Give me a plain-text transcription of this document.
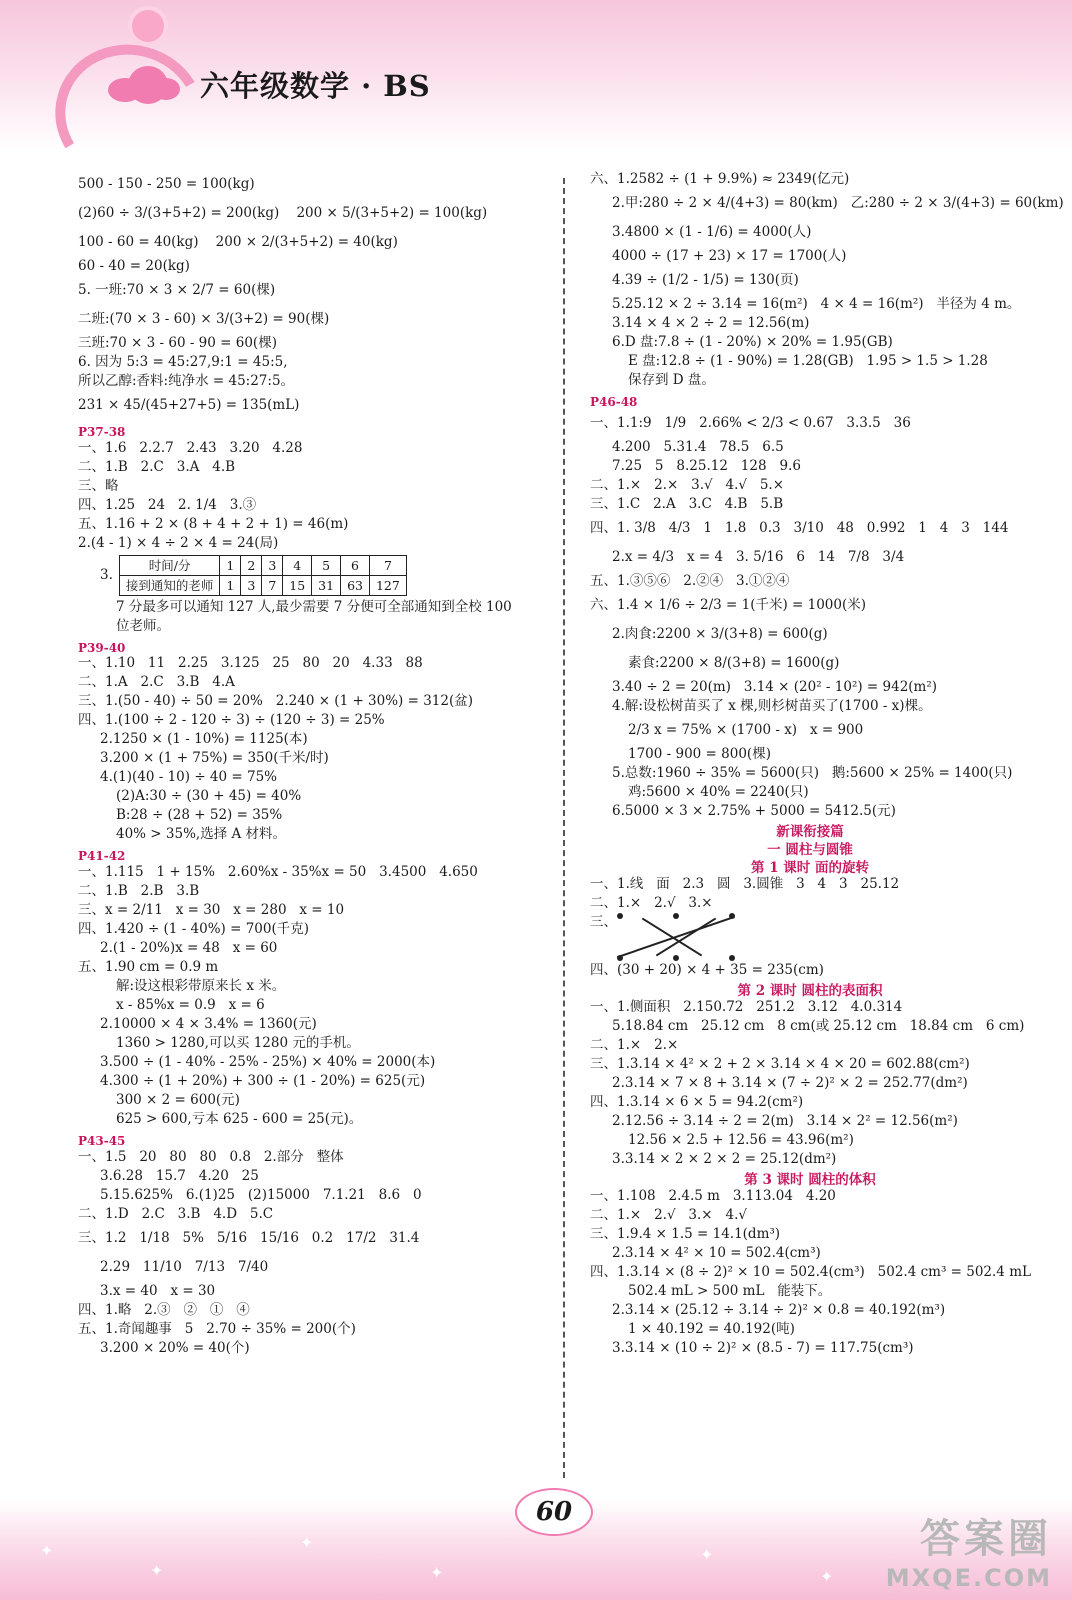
六年级数学 · BS
500 - 150 - 250 = 100(kg)
(2)60 ÷ 3/(3+5+2) = 200(kg)    200 × 5/(3+5+2) = 100(kg)
100 - 60 = 40(kg)    200 × 2/(3+5+2) = 40(kg)
60 - 40 = 20(kg)
5. 一班:70 × 3 × 2/7 = 60(棵)
二班:(70 × 3 - 60) × 3/(3+2) = 90(棵)
三班:70 × 3 - 60 - 90 = 60(棵)
6. 因为 5:3 = 45:27,9:1 = 45:5,
所以乙醇:香料:纯净水 = 45:27:5。
231 × 45/(45+27+5) = 135(mL)
P37-38
一、1.6   2.2.7   2.43   3.20   4.28
二、1.B   2.C   3.A   4.B
三、略
四、1.25   24   2. 1/4   3.③
五、1.16 + 2 × (8 + 4 + 2 + 1) = 46(m)
2.(4 - 1) × 4 ÷ 2 × 4 = 24(局)
3.
时间/分	1	2	3	4	5	6	7
接到通知的老师	1	3	7	15	31	63	127
7 分最多可以通知 127 人,最少需要 7 分便可全部通知到全校 100
位老师。
P39-40
一、1.10   11   2.25   3.125   25   80   20   4.33   88
二、1.A   2.C   3.B   4.A
三、1.(50 - 40) ÷ 50 = 20%   2.240 × (1 + 30%) = 312(盆)
四、1.(100 ÷ 2 - 120 ÷ 3) ÷ (120 ÷ 3) = 25%
2.1250 × (1 - 10%) = 1125(本)
3.200 × (1 + 75%) = 350(千米/时)
4.(1)(40 - 10) ÷ 40 = 75%
(2)A:30 ÷ (30 + 45) = 40%
B:28 ÷ (28 + 52) = 35%
40% > 35%,选择 A 材料。
P41-42
一、1.115   1 + 15%   2.60%x - 35%x = 50   3.4500   4.650
二、1.B   2.B   3.B
三、x = 2/11   x = 30   x = 280   x = 10
四、1.420 ÷ (1 - 40%) = 700(千克)
2.(1 - 20%)x = 48   x = 60
五、1.90 cm = 0.9 m
解:设这根彩带原来长 x 米。
x - 85%x = 0.9   x = 6
2.10000 × 4 × 3.4% = 1360(元)
1360 > 1280,可以买 1280 元的手机。
3.500 ÷ (1 - 40% - 25% - 25%) × 40% = 2000(本)
4.300 ÷ (1 + 20%) + 300 ÷ (1 - 20%) = 625(元)
300 × 2 = 600(元)
625 > 600,亏本 625 - 600 = 25(元)。
P43-45
一、1.5   20   80   80   0.8   2.部分   整体
3.6.28   15.7   4.20   25
5.15.625%   6.(1)25   (2)15000   7.1.21   8.6   0
二、1.D   2.C   3.B   4.D   5.C
三、1.2   1/18   5%   5/16   15/16   0.2   17/2   31.4
2.29   11/10   7/13   7/40
3.x = 40   x = 30
四、1.略   2.③   ②   ①   ④
五、1.奇闻趣事   5   2.70 ÷ 35% = 200(个)
3.200 × 20% = 40(个)
六、1.2582 ÷ (1 + 9.9%) ≈ 2349(亿元)
2.甲:280 ÷ 2 × 4/(4+3) = 80(km)   乙:280 ÷ 2 × 3/(4+3) = 60(km)
3.4800 × (1 - 1/6) = 4000(人)
4000 ÷ (17 + 23) × 17 = 1700(人)
4.39 ÷ (1/2 - 1/5) = 130(页)
5.25.12 × 2 ÷ 3.14 = 16(m²)   4 × 4 = 16(m²)   半径为 4 m。
3.14 × 4 × 2 ÷ 2 = 12.56(m)
6.D 盘:7.8 ÷ (1 - 20%) × 20% = 1.95(GB)
E 盘:12.8 ÷ (1 - 90%) = 1.28(GB)   1.95 > 1.5 > 1.28
保存到 D 盘。
P46-48
一、1.1:9   1/9   2.66% < 2/3 < 0.67   3.3.5   36
4.200   5.31.4   78.5   6.5
7.25   5   8.25.12   128   9.6
二、1.×   2.×   3.√   4.√   5.×
三、1.C   2.A   3.C   4.B   5.B
四、1. 3/8   4/3   1   1.8   0.3   3/10   48   0.992   1   4   3   144
2.x = 4/3   x = 4   3. 5/16   6   14   7/8   3/4
五、1.③⑤⑥   2.②④   3.①②④
六、1.4 × 1/6 ÷ 2/3 = 1(千米) = 1000(米)
2.肉食:2200 × 3/(3+8) = 600(g)
素食:2200 × 8/(3+8) = 1600(g)
3.40 ÷ 2 = 20(m)   3.14 × (20² - 10²) = 942(m²)
4.解:设松树苗买了 x 棵,则杉树苗买了(1700 - x)棵。
2/3 x = 75% × (1700 - x)   x = 900
1700 - 900 = 800(棵)
5.总数:1960 ÷ 35% = 5600(只)   鹅:5600 × 25% = 1400(只)
鸡:5600 × 40% = 2240(只)
6.5000 × 3 × 2.75% + 5000 = 5412.5(元)
新课衔接篇
一 圆柱与圆锥
第 1 课时 面的旋转
一、1.线   面   2.3   圆   3.圆锥   3   4   3   25.12
二、1.×   2.√   3.×
三、
四、(30 + 20) × 4 + 35 = 235(cm)
第 2 课时 圆柱的表面积
一、1.侧面积   2.150.72   251.2   3.12   4.0.314
5.18.84 cm   25.12 cm   8 cm(或 25.12 cm   18.84 cm   6 cm)
二、1.×   2.×
三、1.3.14 × 4² × 2 + 2 × 3.14 × 4 × 20 = 602.88(cm²)
2.3.14 × 7 × 8 + 3.14 × (7 ÷ 2)² × 2 = 252.77(dm²)
四、1.3.14 × 6 × 5 = 94.2(cm²)
2.12.56 ÷ 3.14 ÷ 2 = 2(m)   3.14 × 2² = 12.56(m²)
12.56 × 2.5 + 12.56 = 43.96(m²)
3.3.14 × 2 × 2 × 2 = 25.12(dm²)
第 3 课时 圆柱的体积
一、1.108   2.4.5 m   3.113.04   4.20
二、1.×   2.√   3.×   4.√
三、1.9.4 × 1.5 = 14.1(dm³)
2.3.14 × 4² × 10 = 502.4(cm³)
四、1.3.14 × (8 ÷ 2)² × 10 = 502.4(cm³)   502.4 cm³ = 502.4 mL
502.4 mL > 500 mL   能装下。
2.3.14 × (25.12 ÷ 3.14 ÷ 2)² × 0.8 = 40.192(m³)
1 × 40.192 = 40.192(吨)
3.3.14 × (10 ÷ 2)² × (8.5 - 7) = 117.75(cm³)
✦
✦
✦
✦
✦
✦
60
答案圈
MXQE.COM
